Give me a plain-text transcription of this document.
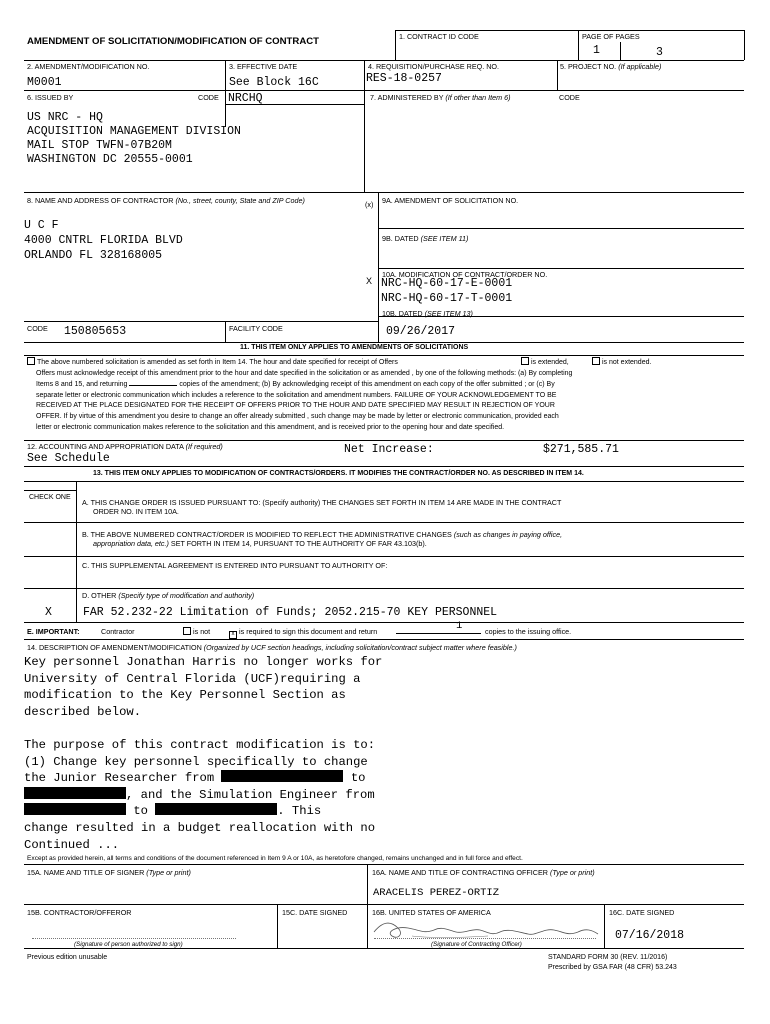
AMENDMENT OF SOLICITATION/MODIFICATION OF CONTRACT	1. CONTRACT ID CODE	PAGE OF PAGES
1	3
2. AMENDMENT/MODIFICATION NO.
M0001
3. EFFECTIVE DATE
See Block 16C
4. REQUISITION/PURCHASE REQ. NO.
RES-18-0257
5. PROJECT NO. (If applicable)
6. ISSUED BY	CODE NRCHQ	7. ADMINISTERED BY (If other than Item 6)	CODE
US NRC - HQ
ACQUISITION MANAGEMENT DIVISION
MAIL STOP TWFN-07B20M
WASHINGTON DC 20555-0001
8. NAME AND ADDRESS OF CONTRACTOR (No., street, county, State and ZIP Code)	(x)
U C F
4000 CNTRL FLORIDA BLVD
ORLANDO FL 328168005
CODE 150805653	FACILITY CODE
9A. AMENDMENT OF SOLICITATION NO.
9B. DATED (SEE ITEM 11)
10A. MODIFICATION OF CONTRACT/ORDER NO.
X NRC-HQ-60-17-E-0001
NRC-HQ-60-17-T-0001
10B. DATED (SEE ITEM 13)
09/26/2017
11. THIS ITEM ONLY APPLIES TO AMENDMENTS OF SOLICITATIONS
The above numbered solicitation is amended as set forth in Item 14. The hour and date specified for receipt of Offers	is extended,	is not extended.
Offers must acknowledge receipt of this amendment prior to the hour and date specified in the solicitation or as amended , by one of the following methods: (a) By completing
Items 8 and 15, and returning	copies of the amendment; (b) By acknowledging receipt of this amendment on each copy of the offer submitted ; or (c) By
separate letter or electronic communication which includes a reference to the solicitation and amendment numbers. FAILURE OF YOUR ACKNOWLEDGEMENT TO BE
RECEIVED AT THE PLACE DESIGNATED FOR THE RECEIPT OF OFFERS PRIOR TO THE HOUR AND DATE SPECIFIED MAY RESULT IN REJECTION OF YOUR
OFFER. If by virtue of this amendment you desire to change an offer already submitted , such change may be made by letter or electronic communication, provided each
letter or electronic communication makes reference to the solicitation and this amendment, and is received prior to the opening hour and date specified.
12. ACCOUNTING AND APPROPRIATION DATA (If required)	Net Increase:	$271,585.71
See Schedule
13. THIS ITEM ONLY APPLIES TO MODIFICATION OF CONTRACTS/ORDERS. IT MODIFIES THE CONTRACT/ORDER NO. AS DESCRIBED IN ITEM 14.
CHECK ONE
A. THIS CHANGE ORDER IS ISSUED PURSUANT TO: (Specify authority) THE CHANGES SET FORTH IN ITEM 14 ARE MADE IN THE CONTRACT
ORDER NO. IN ITEM 10A.
B. THE ABOVE NUMBERED CONTRACT/ORDER IS MODIFIED TO REFLECT THE ADMINISTRATIVE CHANGES (such as changes in paying office,
appropriation data, etc.) SET FORTH IN ITEM 14, PURSUANT TO THE AUTHORITY OF FAR 43.103(b).
C. THIS SUPPLEMENTAL AGREEMENT IS ENTERED INTO PURSUANT TO AUTHORITY OF:
D. OTHER (Specify type of modification and authority)
X	FAR 52.232-22 Limitation of Funds; 2052.215-70 KEY PERSONNEL
E. IMPORTANT:	Contractor	is not	x is required to sign this document and return	1	copies to the issuing office.
14. DESCRIPTION OF AMENDMENT/MODIFICATION (Organized by UCF section headings, including solicitation/contract subject matter where feasible.)
Key personnel Jonathan Harris no longer works for
University of Central Florida (UCF)requiring a
modification to the Key Personnel Section as
described below.

The purpose of this contract modification is to:
(1) Change key personnel specifically to change
the Junior Researcher from	to
, and the Simulation Engineer from
to	. This
change resulted in a budget reallocation with no
Continued ...
Except as provided herein, all terms and conditions of the document referenced in Item 9 A or 10A, as heretofore changed, remains unchanged and in full force and effect.
15A. NAME AND TITLE OF SIGNER (Type or print)	16A. NAME AND TITLE OF CONTRACTING OFFICER (Type or print)
ARACELIS PEREZ-ORTIZ
15B. CONTRACTOR/OFFEROR	15C. DATE SIGNED	16B. UNITED STATES OF AMERICA	16C. DATE SIGNED
07/16/2018
(Signature of person authorized to sign)	(Signature of Contracting Officer)
Previous edition unusable	STANDARD FORM 30 (REV. 11/2016)
Prescribed by GSA FAR (48 CFR) 53.243
